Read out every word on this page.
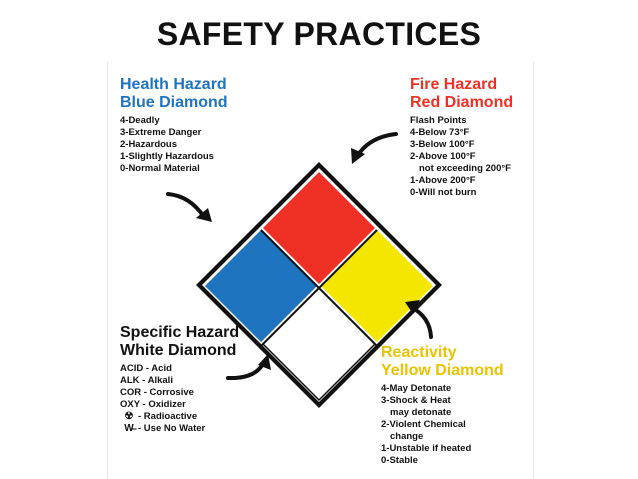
SAFETY PRACTICES
Health Hazard
Blue Diamond
4-Deadly
3-Extreme Danger
2-Hazardous
1-Slightly Hazardous
0-Normal Material
Fire Hazard
Red Diamond
Flash Points
4-Below 73°F
3-Below 100°F
2-Above 100°F
not exceeding 200°F
1-Above 200°F
0-Will not burn
Specific Hazard
White Diamond
ACID - Acid
ALK - Alkali
COR - Corrosive
OXY - Oxidizer
☢ - Radioactive
W̶ - Use No Water
Reactivity
Yellow Diamond
4-May Detonate
3-Shock & Heat
may detonate
2-Violent Chemical
change
1-Unstable if heated
0-Stable
